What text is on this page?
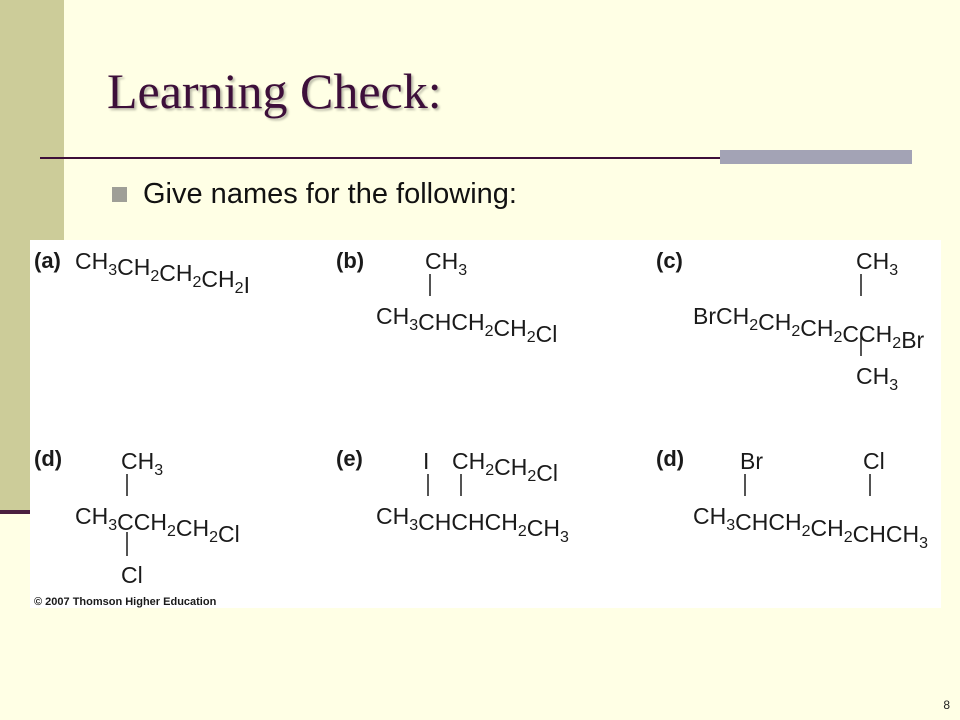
Learning Check:
Give names for the following:
(a) $CH_3CH_2CH_2CH_2I$
(b)	$CH_3$
$CH_3CHCH_2CH_2Cl$
(c)	$CH_3$
$BrCH_2CH_2CH_2CCH_2Br$
$CH_3$
(d)	$CH_3$
$CH_3CCH_2CH_2Cl$
Cl
(e)	I $CH_2CH_2Cl$
$CH_3CHCHCH_2CH_3$
(d) Br	Cl
$CH_3CHCH_2CH_2CHCH_3$
© 2007 Thomson Higher Education
8
